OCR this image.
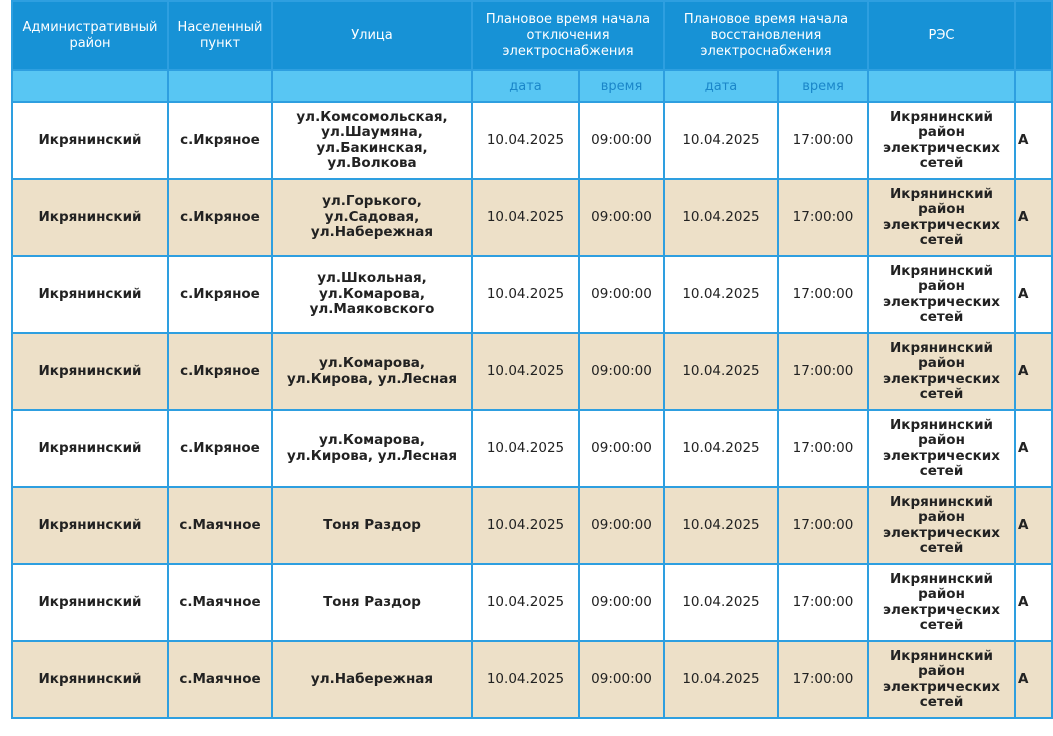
Административный район	Населенный пункт	Улица	Плановое время начала отключения электроснабжения		Плановое время начала восстановления электроснабжения		РЭС	
			дата	время	дата	время		
Икрянинский	с.Икряное	ул.Комсомольская, ул.Шаумяна, ул.Бакинская, ул.Волкова	10.04.2025	09:00:00	10.04.2025	17:00:00	Икрянинский район электрических сетей	А
Икрянинский	с.Икряное	ул.Горького, ул.Садовая, ул.Набережная	10.04.2025	09:00:00	10.04.2025	17:00:00	Икрянинский район электрических сетей	А
Икрянинский	с.Икряное	ул.Школьная, ул.Комарова, ул.Маяковского	10.04.2025	09:00:00	10.04.2025	17:00:00	Икрянинский район электрических сетей	А
Икрянинский	с.Икряное	ул.Комарова, ул.Кирова, ул.Лесная	10.04.2025	09:00:00	10.04.2025	17:00:00	Икрянинский район электрических сетей	А
Икрянинский	с.Икряное	ул.Комарова, ул.Кирова, ул.Лесная	10.04.2025	09:00:00	10.04.2025	17:00:00	Икрянинский район электрических сетей	А
Икрянинский	с.Маячное	Тоня Раздор	10.04.2025	09:00:00	10.04.2025	17:00:00	Икрянинский район электрических сетей	А
Икрянинский	с.Маячное	Тоня Раздор	10.04.2025	09:00:00	10.04.2025	17:00:00	Икрянинский район электрических сетей	А
Икрянинский	с.Маячное	ул.Набережная	10.04.2025	09:00:00	10.04.2025	17:00:00	Икрянинский район электрических сетей	А
